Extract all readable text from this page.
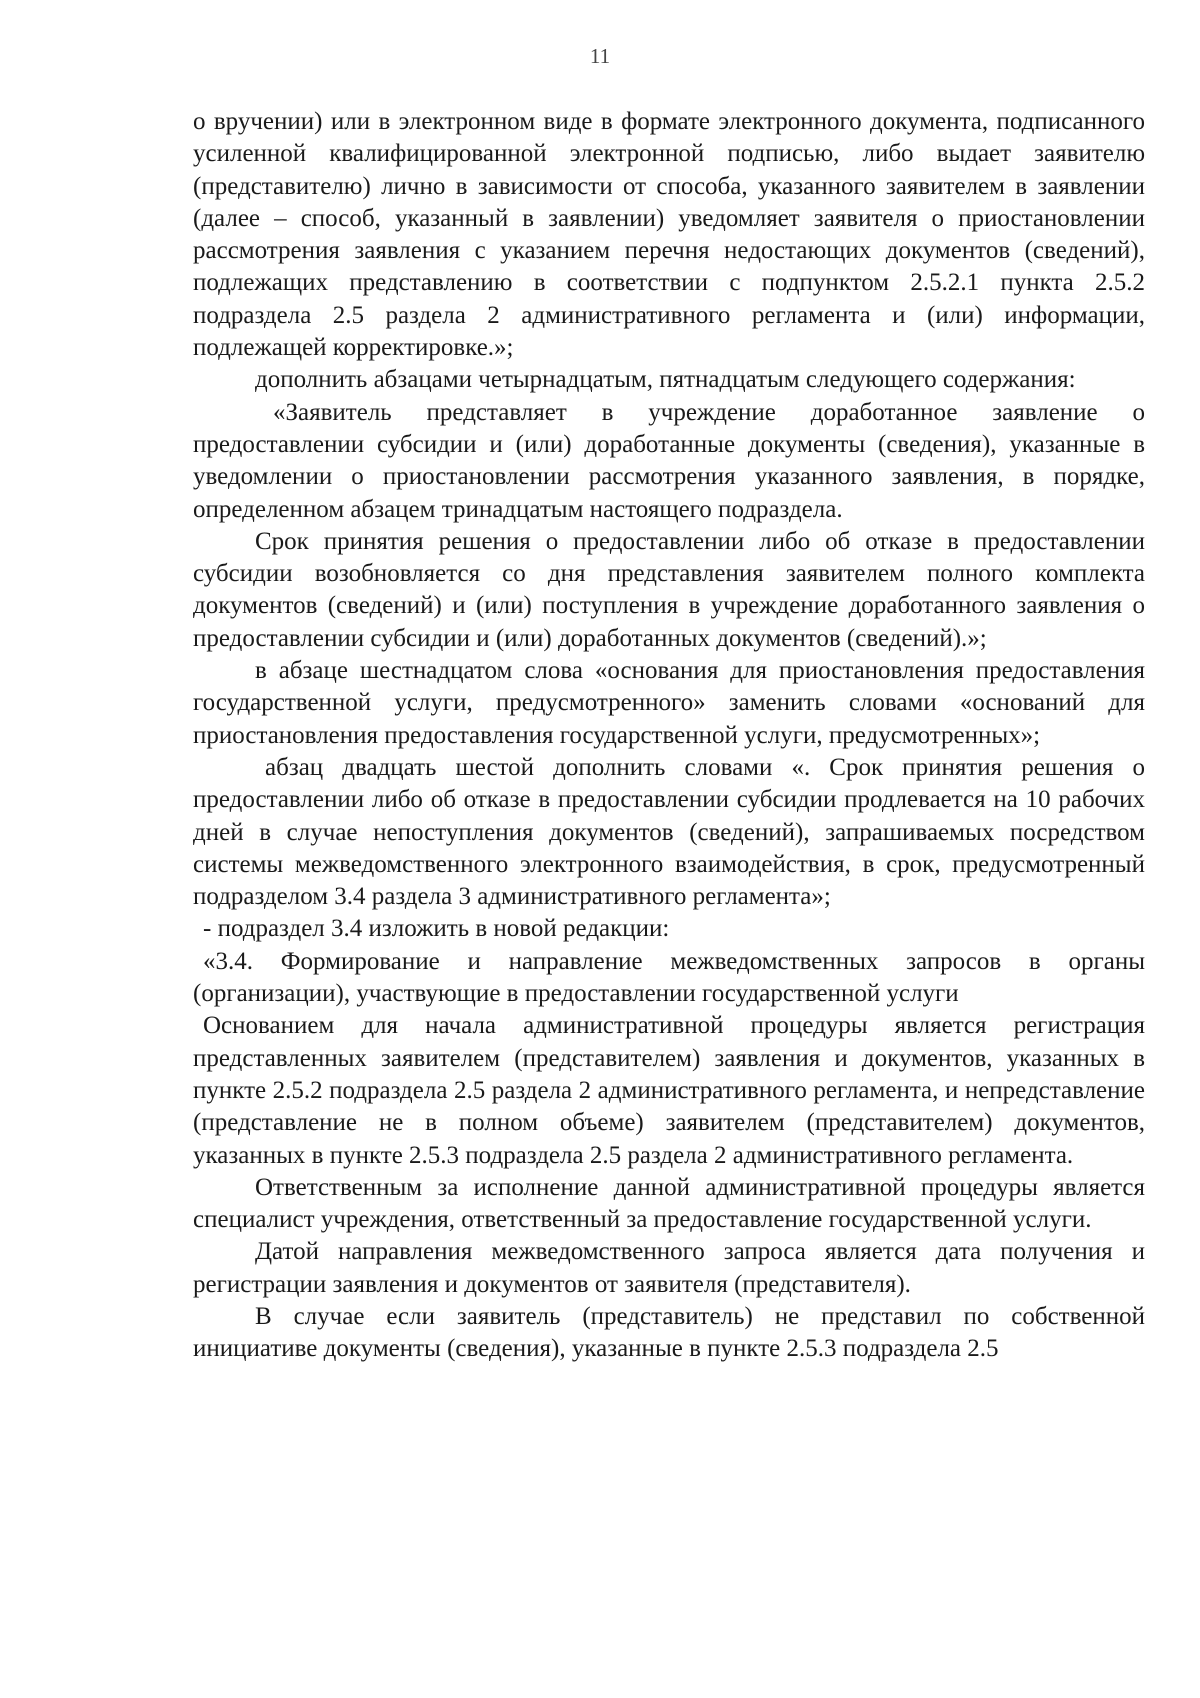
11

о вручении) или в электронном виде в формате электронного документа, подписанного усиленной квалифицированной электронной подписью, либо выдает заявителю (представителю) лично в зависимости от способа, указанного заявителем в заявлении (далее – способ, указанный в заявлении) уведомляет заявителя о приостановлении рассмотрения заявления с указанием перечня недостающих документов (сведений), подлежащих представлению в соответствии с подпунктом 2.5.2.1 пункта 2.5.2 подраздела 2.5 раздела 2 административного регламента и (или) информации, подлежащей корректировке.»;

дополнить абзацами четырнадцатым, пятнадцатым следующего содержания:

«Заявитель представляет в учреждение доработанное заявление о предоставлении субсидии и (или) доработанные документы (сведения), указанные в уведомлении о приостановлении рассмотрения указанного заявления, в порядке, определенном абзацем тринадцатым настоящего подраздела.

Срок принятия решения о предоставлении либо об отказе в предоставлении субсидии возобновляется со дня представления заявителем полного комплекта документов (сведений) и (или) поступления в учреждение доработанного заявления о предоставлении субсидии и (или) доработанных документов (сведений).»;

в абзаце шестнадцатом слова «основания для приостановления предоставления государственной услуги, предусмотренного» заменить словами «оснований для приостановления предоставления государственной услуги, предусмотренных»;

абзац двадцать шестой дополнить словами «. Срок принятия решения о предоставлении либо об отказе в предоставлении субсидии продлевается на 10 рабочих дней в случае непоступления документов (сведений), запрашиваемых посредством системы межведомственного электронного взаимодействия, в срок, предусмотренный подразделом 3.4 раздела 3 административного регламента»;

- подраздел 3.4 изложить в новой редакции:

«3.4. Формирование и направление межведомственных запросов в органы (организации), участвующие в предоставлении государственной услуги

Основанием для начала административной процедуры является регистрация представленных заявителем (представителем) заявления и документов, указанных в пункте 2.5.2 подраздела 2.5 раздела 2 административного регламента, и непредставление (представление не в полном объеме) заявителем (представителем) документов, указанных в пункте 2.5.3 подраздела 2.5 раздела 2 административного регламента.

Ответственным за исполнение данной административной процедуры является специалист учреждения, ответственный за предоставление государственной услуги.

Датой направления межведомственного запроса является дата получения и регистрации заявления и документов от заявителя (представителя).

В случае если заявитель (представитель) не представил по собственной инициативе документы (сведения), указанные в пункте 2.5.3 подраздела 2.5
